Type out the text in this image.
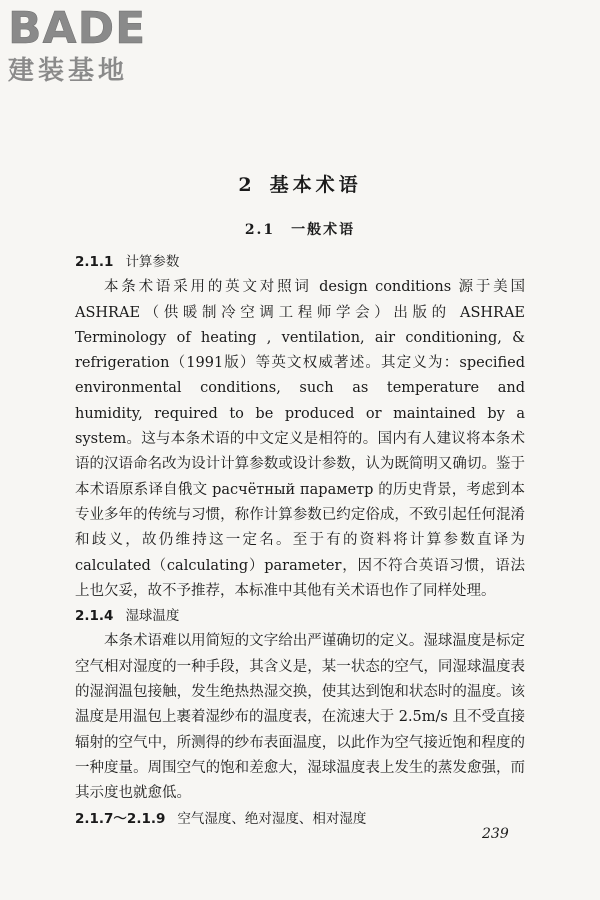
BADE
建装基地
2 基本术语
2.1 一般术语
2.1.1 计算参数

本条术语采用的英文对照词 design conditions 源于美国 ASHRAE（供暖制冷空调工程师学会）出版的 ASHRAE Terminology of heating , ventilation, air conditioning, & refrigeration（1991版）等英文权威著述。其定义为：specified environmental conditions, such as temperature and humidity, required to be produced or maintained by a system。这与本条术语的中文定义是相符的。国内有人建议将本条术语的汉语命名改为设计计算参数或设计参数，认为既简明又确切。鉴于本术语原系译自俄文 расчётный параметр 的历史背景，考虑到本专业多年的传统与习惯，称作计算参数已约定俗成，不致引起任何混淆和歧义，故仍维持这一定名。至于有的资料将计算参数直译为 calculated（calculating）parameter，因不符合英语习惯，语法上也欠妥，故不予推荐，本标准中其他有关术语也作了同样处理。

2.1.4 湿球温度

本条术语难以用简短的文字给出严谨确切的定义。湿球温度是标定空气相对湿度的一种手段，其含义是，某一状态的空气，同湿球温度表的湿润温包接触，发生绝热热湿交换，使其达到饱和状态时的温度。该温度是用温包上裹着湿纱布的温度表，在流速大于 2.5m/s 且不受直接辐射的空气中，所测得的纱布表面温度，以此作为空气接近饱和程度的一种度量。周围空气的饱和差愈大，湿球温度表上发生的蒸发愈强，而其示度也就愈低。

2.1.7～2.1.9 空气湿度、绝对湿度、相对湿度
239
